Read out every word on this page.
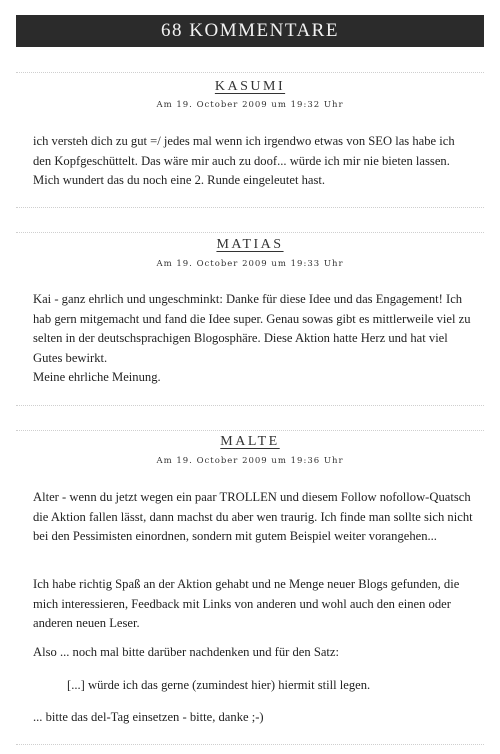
68 KOMMENTARE
KASUMI
Am 19. October 2009 um 19:32 Uhr
ich versteh dich zu gut =/ jedes mal wenn ich irgendwo etwas von SEO las habe ich den Kopfgeschüttelt. Das wäre mir auch zu doof... würde ich mir nie bieten lassen. Mich wundert das du noch eine 2. Runde eingeleutet hast.
MATIAS
Am 19. October 2009 um 19:33 Uhr
Kai - ganz ehrlich und ungeschminkt: Danke für diese Idee und das Engagement! Ich hab gern mitgemacht und fand die Idee super. Genau sowas gibt es mittlerweile viel zu selten in der deutschsprachigen Blogosphäre. Diese Aktion hatte Herz und hat viel Gutes bewirkt.
Meine ehrliche Meinung.
MALTE
Am 19. October 2009 um 19:36 Uhr
Alter - wenn du jetzt wegen ein paar TROLLEN und diesem Follow nofollow-Quatsch die Aktion fallen lässt, dann machst du aber wen traurig. Ich finde man sollte sich nicht bei den Pessimisten einordnen, sondern mit gutem Beispiel weiter vorangehen...
Ich habe richtig Spaß an der Aktion gehabt und ne Menge neuer Blogs gefunden, die mich interessieren, Feedback mit Links von anderen und wohl auch den einen oder anderen neuen Leser.
Also ... noch mal bitte darüber nachdenken und für den Satz:
[...] würde ich das gerne (zumindest hier) hiermit still legen.
... bitte das del-Tag einsetzen - bitte, danke ;-)
